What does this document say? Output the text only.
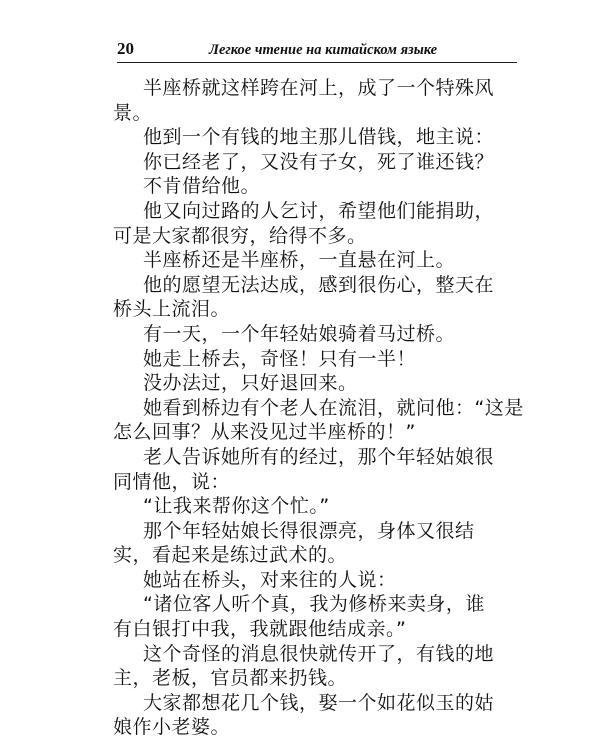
20	Легкое чтение на китайском языке
半座桥就这样跨在河上，成了一个特殊风
景。
他到一个有钱的地主那儿借钱，地主说：
你已经老了，又没有子女，死了谁还钱？
不肯借给他。
他又向过路的人乞讨，希望他们能捐助，
可是大家都很穷，给得不多。
半座桥还是半座桥，一直悬在河上。
他的愿望无法达成，感到很伤心，整天在
桥头上流泪。
有一天，一个年轻姑娘骑着马过桥。
她走上桥去，奇怪！只有一半！
没办法过，只好退回来。
她看到桥边有个老人在流泪，就问他：“这是
怎么回事？从来没见过半座桥的！”
老人告诉她所有的经过，那个年轻姑娘很
同情他，说：
“让我来帮你这个忙。”
那个年轻姑娘长得很漂亮，身体又很结
实，看起来是练过武术的。
她站在桥头，对来往的人说：
“诸位客人听个真，我为修桥来卖身，谁
有白银打中我，我就跟他结成亲。”
这个奇怪的消息很快就传开了，有钱的地
主，老板，官员都来扔钱。
大家都想花几个钱，娶一个如花似玉的姑
娘作小老婆。
